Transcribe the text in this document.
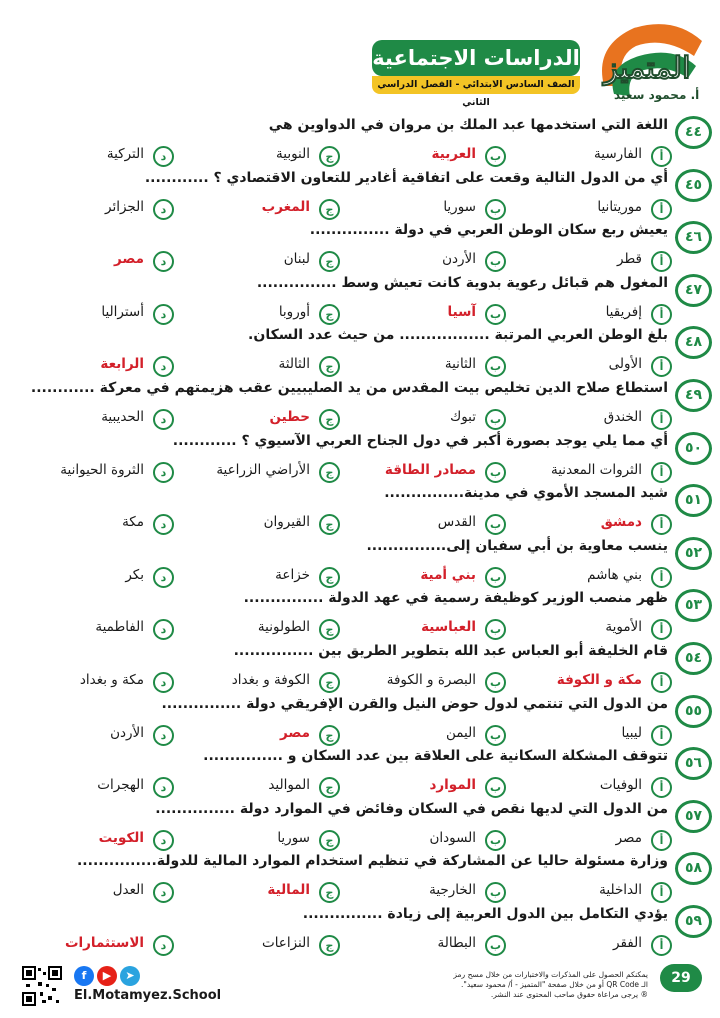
المتميز
الدراسات الاجتماعية
الصف السادس الابتدائي - الفصل الدراسي الثاني
أ. محمود سعيد
٤٤
اللغة التي استخدمها عبد الملك بن مروان في الدواوين هي
أ
الفارسية
ب
العربية
ج
النوبية
د
التركية
٤٥
أي من الدول التالية وقعت على اتفاقية أغادير للتعاون الاقتصادي ؟ ............
أ
موريتانيا
ب
سوريا
ج
المغرب
د
الجزائر
٤٦
يعيش ربع سكان الوطن العربي في دولة ...............
أ
قطر
ب
الأردن
ج
لبنان
د
مصر
٤٧
المغول هم قبائل رعوية بدوية كانت تعيش وسط ...............
أ
إفريقيا
ب
آسيا
ج
أوروبا
د
أستراليا
٤٨
بلغ الوطن العربي المرتبة ................. من حيث عدد السكان.
أ
الأولى
ب
الثانية
ج
الثالثة
د
الرابعة
٤٩
استطاع صلاح الدين تخليص بيت المقدس من يد الصليبيين عقب هزيمتهم في معركة ............
أ
الخندق
ب
تبوك
ج
حطين
د
الحديبية
٥٠
أي مما يلي يوجد بصورة أكبر في دول الجناح العربي الآسيوي ؟ ............
أ
الثروات المعدنية
ب
مصادر الطاقة
ج
الأراضي الزراعية
د
الثروة الحيوانية
٥١
شيد المسجد الأموي في مدينة...............
أ
دمشق
ب
القدس
ج
القيروان
د
مكة
٥٢
ينسب معاوية بن أبي سفيان إلى...............
أ
بني هاشم
ب
بني أمية
ج
خزاعة
د
بكر
٥٣
ظهر منصب الوزير كوظيفة رسمية في عهد الدولة ...............
أ
الأموية
ب
العباسية
ج
الطولونية
د
الفاطمية
٥٤
قام الخليفة أبو العباس عبد الله بتطوير الطريق بين ...............
أ
مكة و الكوفة
ب
البصرة و الكوفة
ج
الكوفة و بغداد
د
مكة و بغداد
٥٥
من الدول التي تنتمي لدول حوض النيل والقرن الإفريقي دولة ...............
أ
ليبيا
ب
اليمن
ج
مصر
د
الأردن
٥٦
تتوقف المشكلة السكانية على العلاقة بين عدد السكان و ...............
أ
الوفيات
ب
الموارد
ج
المواليد
د
الهجرات
٥٧
من الدول التي لديها نقص في السكان وفائض في الموارد دولة ...............
أ
مصر
ب
السودان
ج
سوريا
د
الكويت
٥٨
وزارة مسئولة حاليا عن المشاركة في تنظيم استخدام الموارد المالية للدولة...............
أ
الداخلية
ب
الخارجية
ج
المالية
د
العدل
٥٩
يؤدي التكامل بين الدول العربية إلى زيادة ...............
أ
الفقر
ب
البطالة
ج
النزاعات
د
الاستثمارات
f ▶ ➤
El.Motamyez.School
يمكنكم الحصول على المذكرات والاختبارات من خلال مسح رمز
الـ QR Code أو من خلال صفحة "المتميز - أ/ محمود سعيد".
® يرجى مراعاة حقوق صاحب المحتوى عند النشر.
29
